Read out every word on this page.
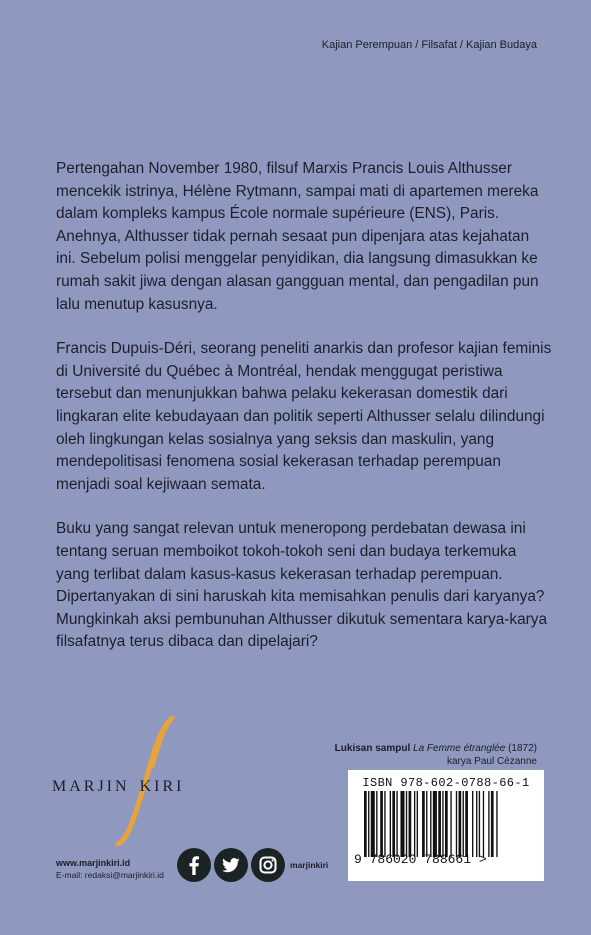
Kajian Perempuan / Filsafat / Kajian Budaya

Pertengahan November 1980, filsuf Marxis Prancis Louis Althusser mencekik istrinya, Hélène Rytmann, sampai mati di apartemen mereka dalam kompleks kampus École normale supérieure (ENS), Paris. Anehnya, Althusser tidak pernah sesaat pun dipenjara atas kejahatan ini. Sebelum polisi menggelar penyidikan, dia langsung dimasukkan ke rumah sakit jiwa dengan alasan gangguan mental, dan pengadilan pun lalu menutup kasusnya.

Francis Dupuis-Déri, seorang peneliti anarkis dan profesor kajian feminis di Université du Québec à Montréal, hendak menggugat peristiwa tersebut dan menunjukkan bahwa pelaku kekerasan domestik dari lingkaran elite kebudayaan dan politik seperti Althusser selalu dilindungi oleh lingkungan kelas sosialnya yang seksis dan maskulin, yang mendepolitisasi fenomena sosial kekerasan terhadap perempuan menjadi soal kejiwaan semata.

Buku yang sangat relevan untuk meneropong perdebatan dewasa ini tentang seruan memboikot tokoh-tokoh seni dan budaya terkemuka yang terlibat dalam kasus-kasus kekerasan terhadap perempuan. Dipertanyakan di sini haruskah kita memisahkan penulis dari karyanya? Mungkinkah aksi pembunuhan Althusser dikutuk sementara karya-karya filsafatnya terus dibaca dan dipelajari?

MARJIN KIRI
Lukisan sampul La Femme étranglée (1872)
karya Paul Cézanne
ISBN 978-602-0788-66-1
9 786020 788661 >
www.marjinkiri.id
E-mail: redaksi@marjinkiri.id
marjinkiri
